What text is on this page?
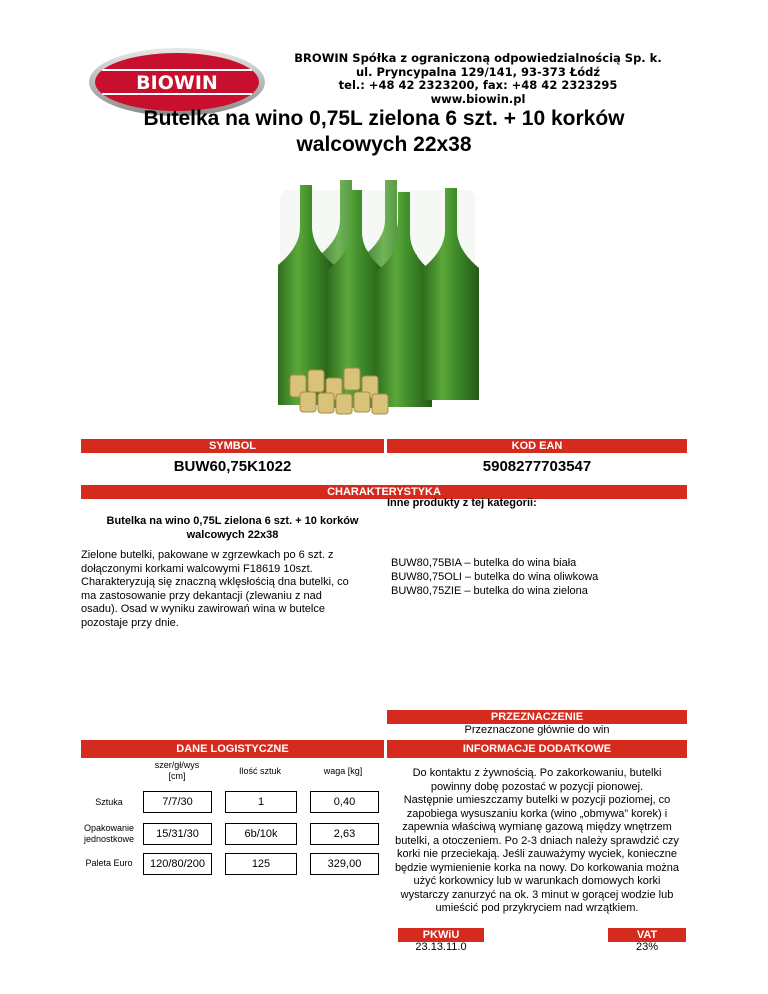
BIOWIN
BROWIN Spółka z ograniczoną odpowiedzialnością Sp. k.
ul. Pryncypalna 129/141, 93-373 Łódź
tel.: +48 42 2323200, fax: +48 42 2323295
www.biowin.pl
Butelka na wino 0,75L zielona 6 szt. + 10 korków
walcowych 22x38
SYMBOL	KOD EAN
BUW60,75K1022	5908277703547
CHARAKTERYSTYKA
Inne produkty z tej kategorii:
Butelka na wino 0,75L zielona 6 szt. + 10 korków
walcowych 22x38
Zielone butelki, pakowane w zgrzewkach po 6 szt. z
dołączonymi korkami walcowymi F18619 10szt.
Charakteryzują się znaczną wklęsłością dna butelki, co
ma zastosowanie przy dekantacji (zlewaniu z nad
osadu). Osad w wyniku zawirowań wina w butelce
pozostaje przy dnie.
BUW80,75BIA – butelka do wina biała
BUW80,75OLI – butelka do wina oliwkowa
BUW80,75ZIE – butelka do wina zielona
PRZEZNACZENIE
Przeznaczone głównie do win
DANE LOGISTYCZNE
szer/gł/wys
[cm]	Ilość sztuk	waga [kg]
Sztuka	7/7/30	1	0,40
Opakowanie
jednostkowe	15/31/30	6b/10k	2,63
Paleta Euro	120/80/200	125	329,00
INFORMACJE DODATKOWE
Do kontaktu z żywnością. Po zakorkowaniu, butelki
powinny dobę pozostać w pozycji pionowej.
Następnie umieszczamy butelki w pozycji poziomej, co
zapobiega wysuszaniu korka (wino „obmywa” korek) i
zapewnia właściwą wymianę gazową między wnętrzem
butelki, a otoczeniem. Po 2-3 dniach należy sprawdzić czy
korki nie przeciekają. Jeśli zauważymy wyciek, konieczne
będzie wymienienie korka na nowy. Do korkowania można
użyć korkownicy lub w warunkach domowych korki
wystarczy zanurzyć na ok. 3 minut w gorącej wodzie lub
umieścić pod przykryciem nad wrzątkiem.
PKWiU
23.13.11.0
VAT
23%
